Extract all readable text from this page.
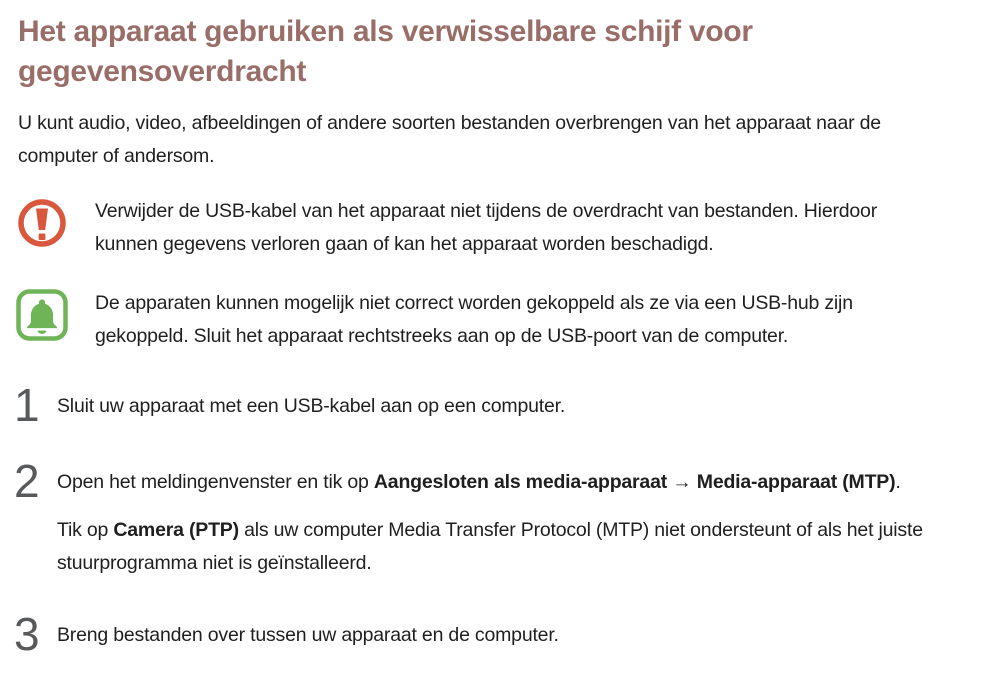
Het apparaat gebruiken als verwisselbare schijf voor gegevensoverdracht

U kunt audio, video, afbeeldingen of andere soorten bestanden overbrengen van het apparaat naar de computer of andersom.

Verwijder de USB-kabel van het apparaat niet tijdens de overdracht van bestanden. Hierdoor kunnen gegevens verloren gaan of kan het apparaat worden beschadigd.

De apparaten kunnen mogelijk niet correct worden gekoppeld als ze via een USB-hub zijn gekoppeld. Sluit het apparaat rechtstreeks aan op de USB-poort van de computer.

1 Sluit uw apparaat met een USB-kabel aan op een computer.

2 Open het meldingenvenster en tik op Aangesloten als media-apparaat → Media-apparaat (MTP).

Tik op Camera (PTP) als uw computer Media Transfer Protocol (MTP) niet ondersteunt of als het juiste stuurprogramma niet is geïnstalleerd.

3 Breng bestanden over tussen uw apparaat en de computer.
